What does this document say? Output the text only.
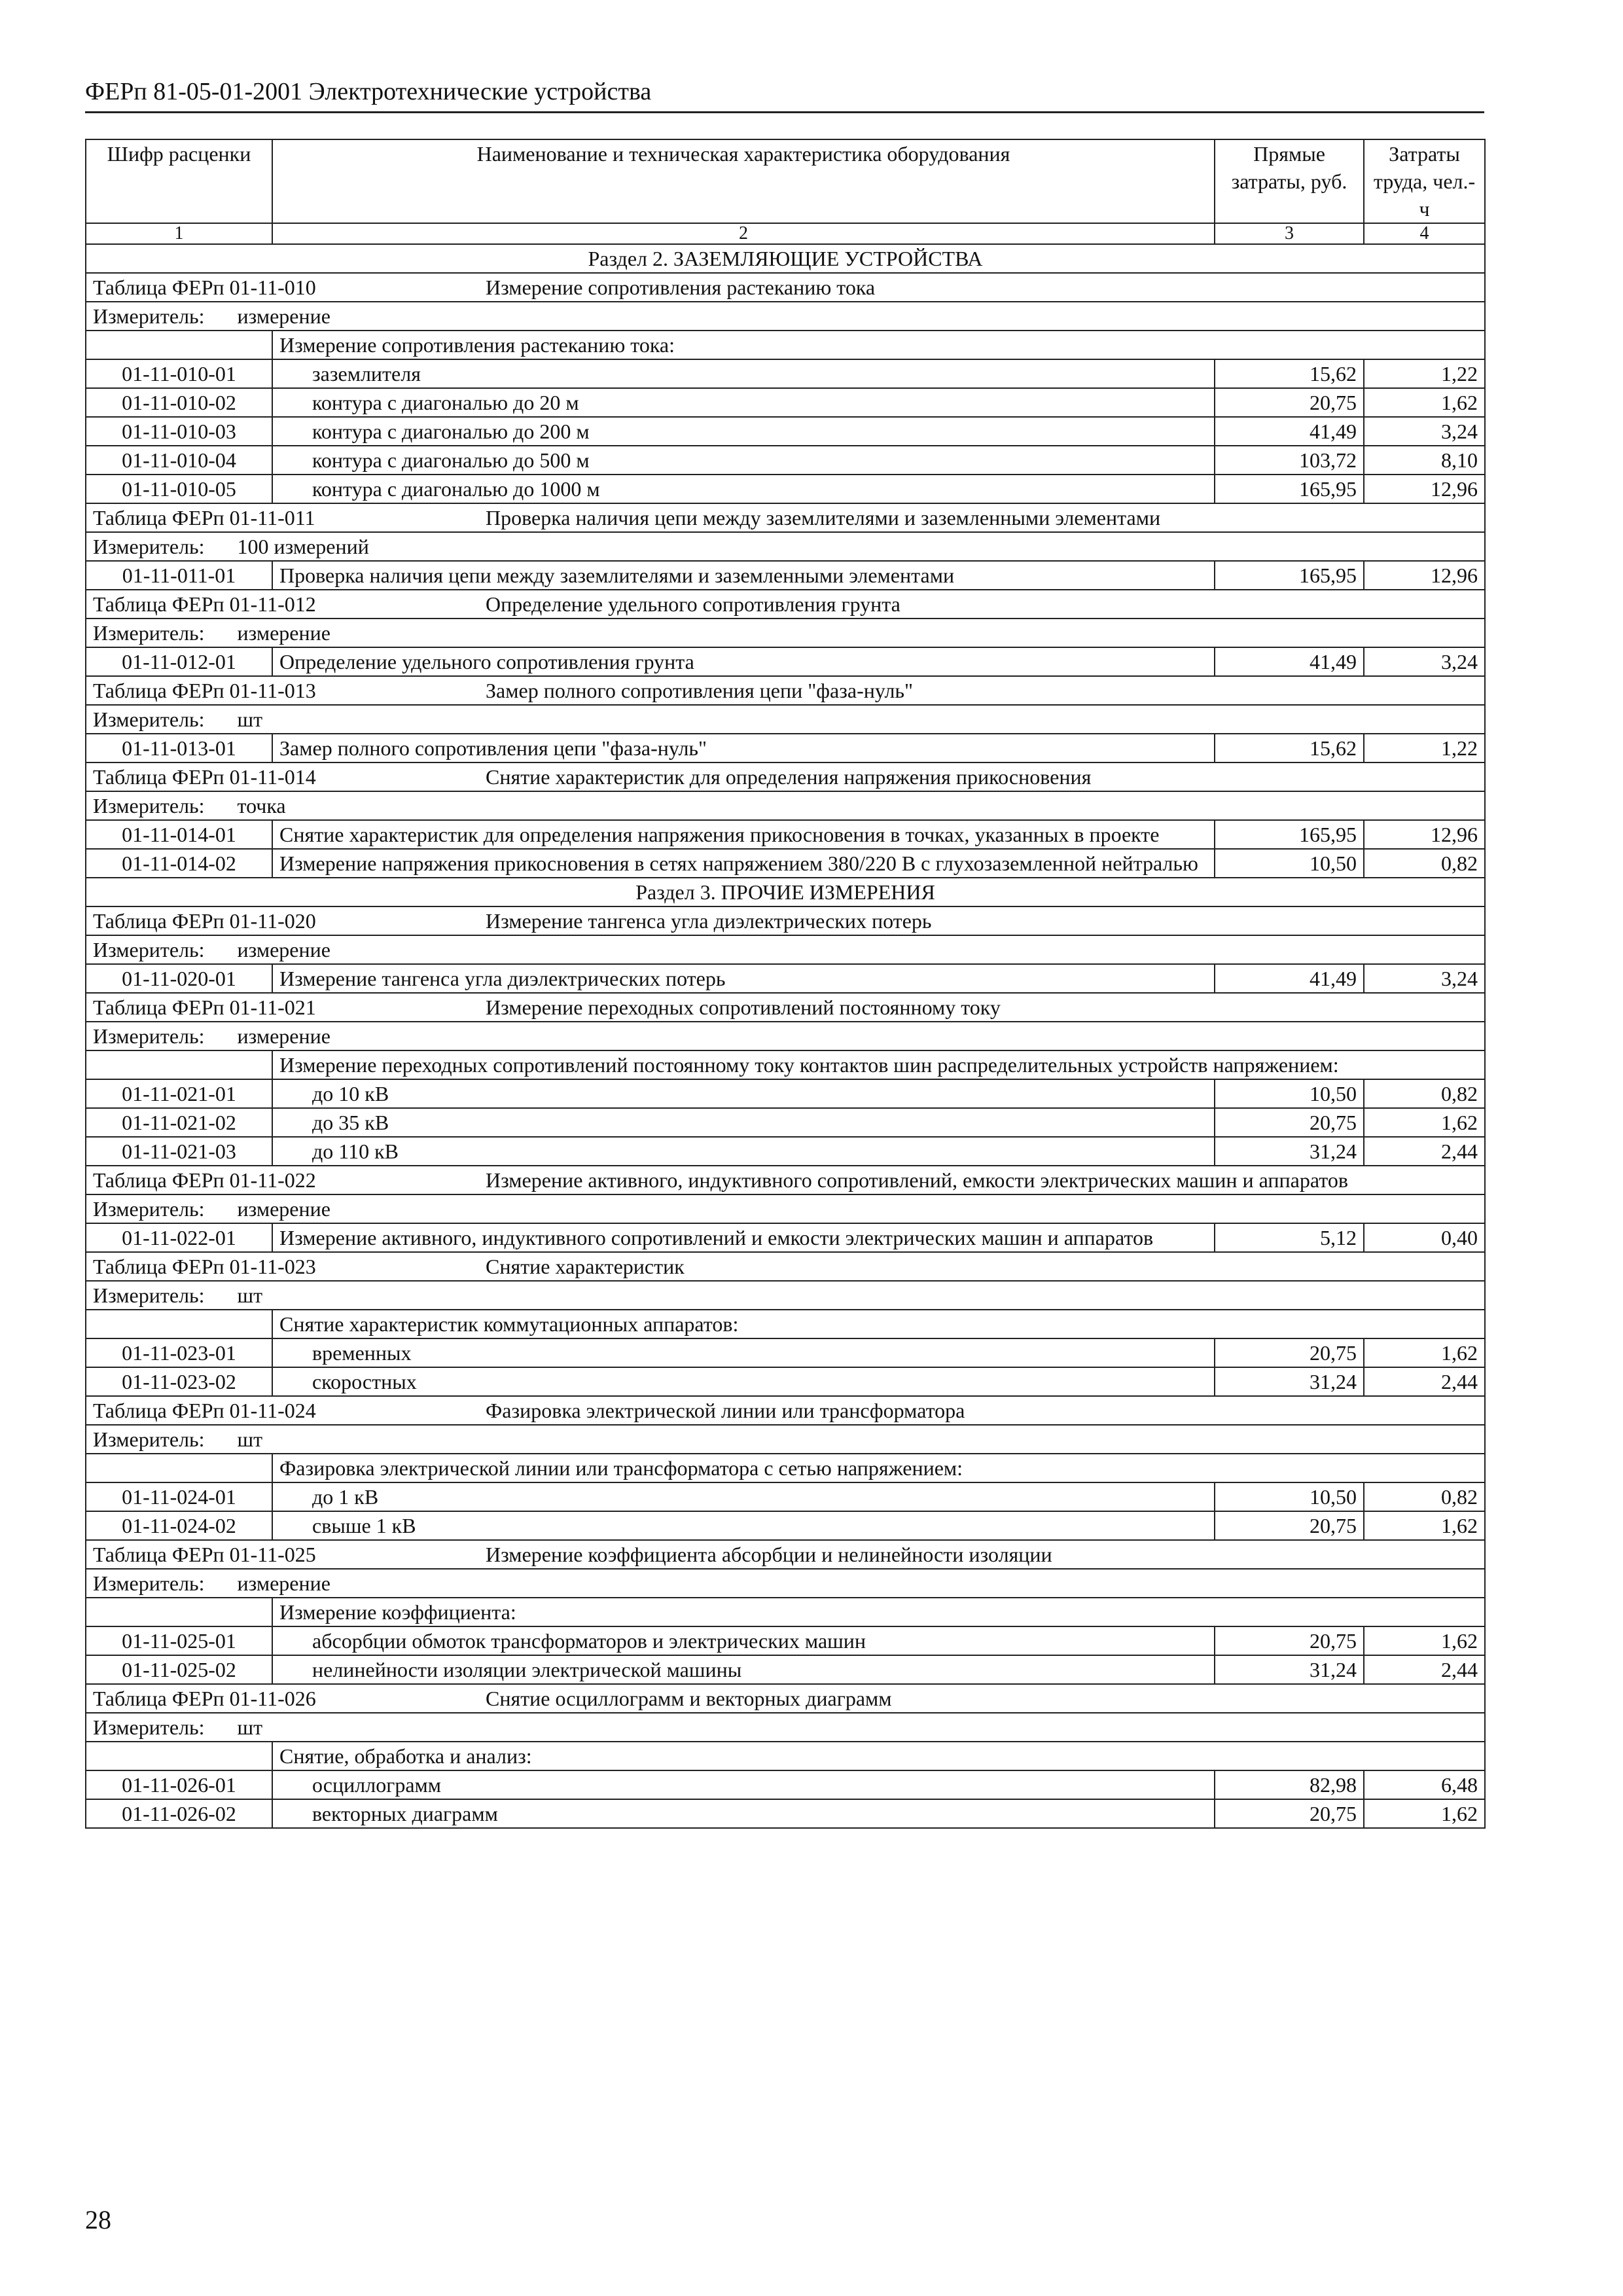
ФЕРп 81-05-01-2001 Электротехнические устройства
Шифр расценки	Наименование и техническая характеристика оборудования	Прямые затраты, руб.	Затраты труда, чел.-ч
1	2	3	4
Раздел 2. ЗАЗЕМЛЯЮЩИЕ УСТРОЙСТВА			
Таблица ФЕРп 01-11-010 Измерение сопротивления растеканию тока			
Измеритель: измерение			
	Измерение сопротивления растеканию тока:		
01-11-010-01	заземлителя	15,62	1,22
01-11-010-02	контура с диагональю до 20 м	20,75	1,62
01-11-010-03	контура с диагональю до 200 м	41,49	3,24
01-11-010-04	контура с диагональю до 500 м	103,72	8,10
01-11-010-05	контура с диагональю до 1000 м	165,95	12,96
Таблица ФЕРп 01-11-011 Проверка наличия цепи между заземлителями и заземленными элементами			
Измеритель: 100 измерений			
01-11-011-01	Проверка наличия цепи между заземлителями и заземленными элементами	165,95	12,96
Таблица ФЕРп 01-11-012 Определение удельного сопротивления грунта			
Измеритель: измерение			
01-11-012-01	Определение удельного сопротивления грунта	41,49	3,24
Таблица ФЕРп 01-11-013 Замер полного сопротивления цепи "фаза-нуль"			
Измеритель: шт			
01-11-013-01	Замер полного сопротивления цепи "фаза-нуль"	15,62	1,22
Таблица ФЕРп 01-11-014 Снятие характеристик для определения напряжения прикосновения			
Измеритель: точка			
01-11-014-01	Снятие характеристик для определения напряжения прикосновения в точках, указанных в проекте	165,95	12,96
01-11-014-02	Измерение напряжения прикосновения в сетях напряжением 380/220 В с глухозаземленной нейтралью	10,50	0,82
Раздел 3. ПРОЧИЕ ИЗМЕРЕНИЯ			
Таблица ФЕРп 01-11-020 Измерение тангенса угла диэлектрических потерь			
Измеритель: измерение			
01-11-020-01	Измерение тангенса угла диэлектрических потерь	41,49	3,24
Таблица ФЕРп 01-11-021 Измерение переходных сопротивлений постоянному току			
Измеритель: измерение			
	Измерение переходных сопротивлений постоянному току контактов шин распределительных устройств напряжением:		
01-11-021-01	до 10 кВ	10,50	0,82
01-11-021-02	до 35 кВ	20,75	1,62
01-11-021-03	до 110 кВ	31,24	2,44
Таблица ФЕРп 01-11-022 Измерение активного, индуктивного сопротивлений, емкости электрических машин и аппаратов			
Измеритель: измерение			
01-11-022-01	Измерение активного, индуктивного сопротивлений и емкости электрических машин и аппаратов	5,12	0,40
Таблица ФЕРп 01-11-023 Снятие характеристик			
Измеритель: шт			
	Снятие характеристик коммутационных аппаратов:		
01-11-023-01	временных	20,75	1,62
01-11-023-02	скоростных	31,24	2,44
Таблица ФЕРп 01-11-024 Фазировка электрической линии или трансформатора			
Измеритель: шт			
	Фазировка электрической линии или трансформатора с сетью напряжением:		
01-11-024-01	до 1 кВ	10,50	0,82
01-11-024-02	свыше 1 кВ	20,75	1,62
Таблица ФЕРп 01-11-025 Измерение коэффициента абсорбции и нелинейности изоляции			
Измеритель: измерение			
	Измерение коэффициента:		
01-11-025-01	абсорбции обмоток трансформаторов и электрических машин	20,75	1,62
01-11-025-02	нелинейности изоляции электрической машины	31,24	2,44
Таблица ФЕРп 01-11-026 Снятие осциллограмм и векторных диаграмм			
Измеритель: шт			
	Снятие, обработка и анализ:		
01-11-026-01	осциллограмм	82,98	6,48
01-11-026-02	векторных диаграмм	20,75	1,62
28
